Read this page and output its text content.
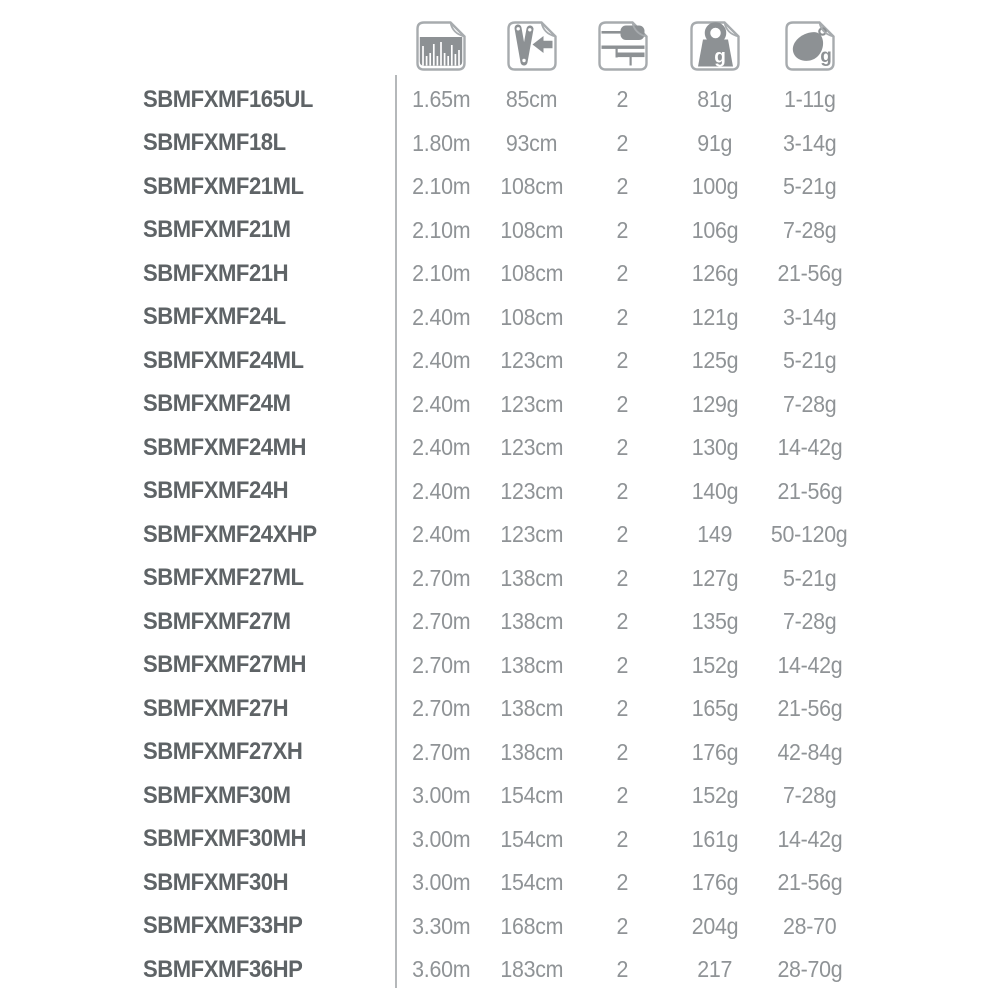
g	g
SBMFXMF165UL	1.65m	85cm	2	81g	1-11g
SBMFXMF18L	1.80m	93cm	2	91g	3-14g
SBMFXMF21ML	2.10m	108cm	2	100g	5-21g
SBMFXMF21M	2.10m	108cm	2	106g	7-28g
SBMFXMF21H	2.10m	108cm	2	126g	21-56g
SBMFXMF24L	2.40m	108cm	2	121g	3-14g
SBMFXMF24ML	2.40m	123cm	2	125g	5-21g
SBMFXMF24M	2.40m	123cm	2	129g	7-28g
SBMFXMF24MH	2.40m	123cm	2	130g	14-42g
SBMFXMF24H	2.40m	123cm	2	140g	21-56g
SBMFXMF24XHP	2.40m	123cm	2	149	50-120g
SBMFXMF27ML	2.70m	138cm	2	127g	5-21g
SBMFXMF27M	2.70m	138cm	2	135g	7-28g
SBMFXMF27MH	2.70m	138cm	2	152g	14-42g
SBMFXMF27H	2.70m	138cm	2	165g	21-56g
SBMFXMF27XH	2.70m	138cm	2	176g	42-84g
SBMFXMF30M	3.00m	154cm	2	152g	7-28g
SBMFXMF30MH	3.00m	154cm	2	161g	14-42g
SBMFXMF30H	3.00m	154cm	2	176g	21-56g
SBMFXMF33HP	3.30m	168cm	2	204g	28-70
SBMFXMF36HP	3.60m	183cm	2	217	28-70g
